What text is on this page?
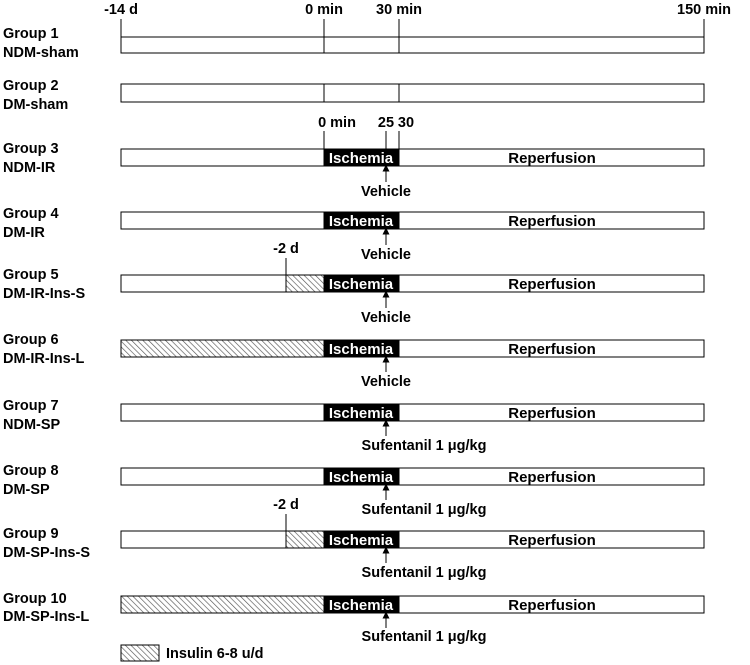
-14 d	0 min 30 min	150 min
Group 1
NDM-sham
Group 2
DM-sham
0 min 25 30
Group 3
NDM-IR
Ischemia	Reperfusion
Vehicle
Group 4
DM-IR
Ischemia	Reperfusion
Vehicle
-2 d
Group 5
DM-IR-Ins-S
Ischemia	Reperfusion
Vehicle
Group 6
DM-IR-Ins-L
Ischemia	Reperfusion
Vehicle
Group 7
NDM-SP
Ischemia	Reperfusion
Sufentanil 1 μg/kg
Group 8
DM-SP
Ischemia	Reperfusion
Sufentanil 1 μg/kg
-2 d
Group 9
DM-SP-Ins-S
Ischemia	Reperfusion
Sufentanil 1 μg/kg
Group 10
DM-SP-Ins-L
Ischemia	Reperfusion
Sufentanil 1 μg/kg
Insulin 6-8 u/d
